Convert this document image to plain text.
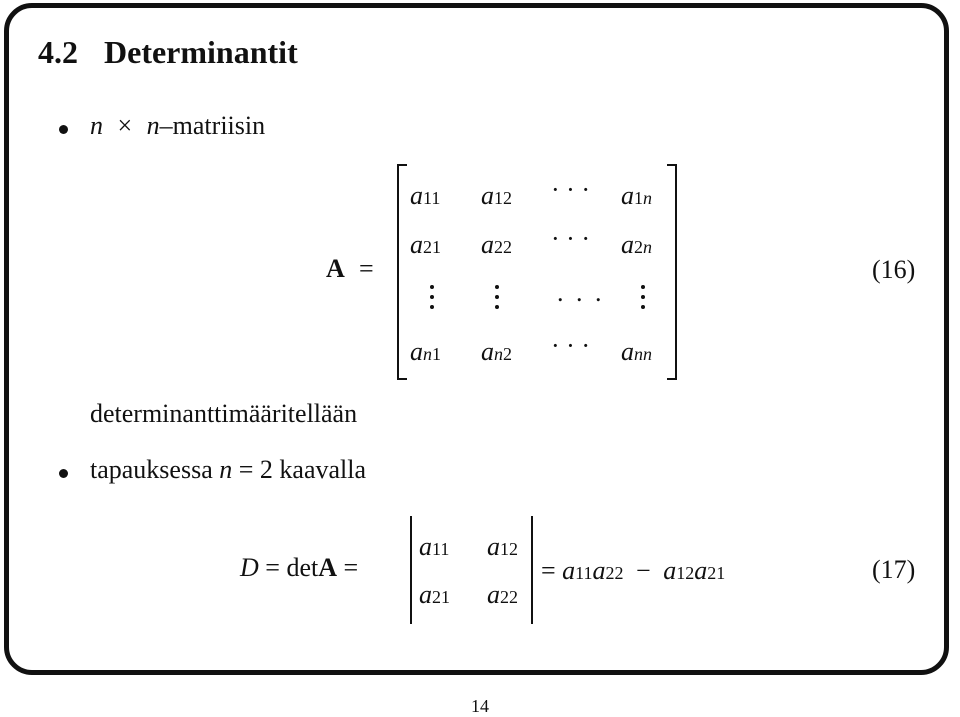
4.2 Determinantit
n × n–matriisin
A =
a11 a12 · · · a1n
a21 a22 · · · a2n
. . .
an1 an2 · · · ann
(16)
determinanttimääritellään
tapauksessa n = 2 kaavalla
D = detA =
a11 a12
a21 a22
= a11a22 − a12a21	(17)
14
